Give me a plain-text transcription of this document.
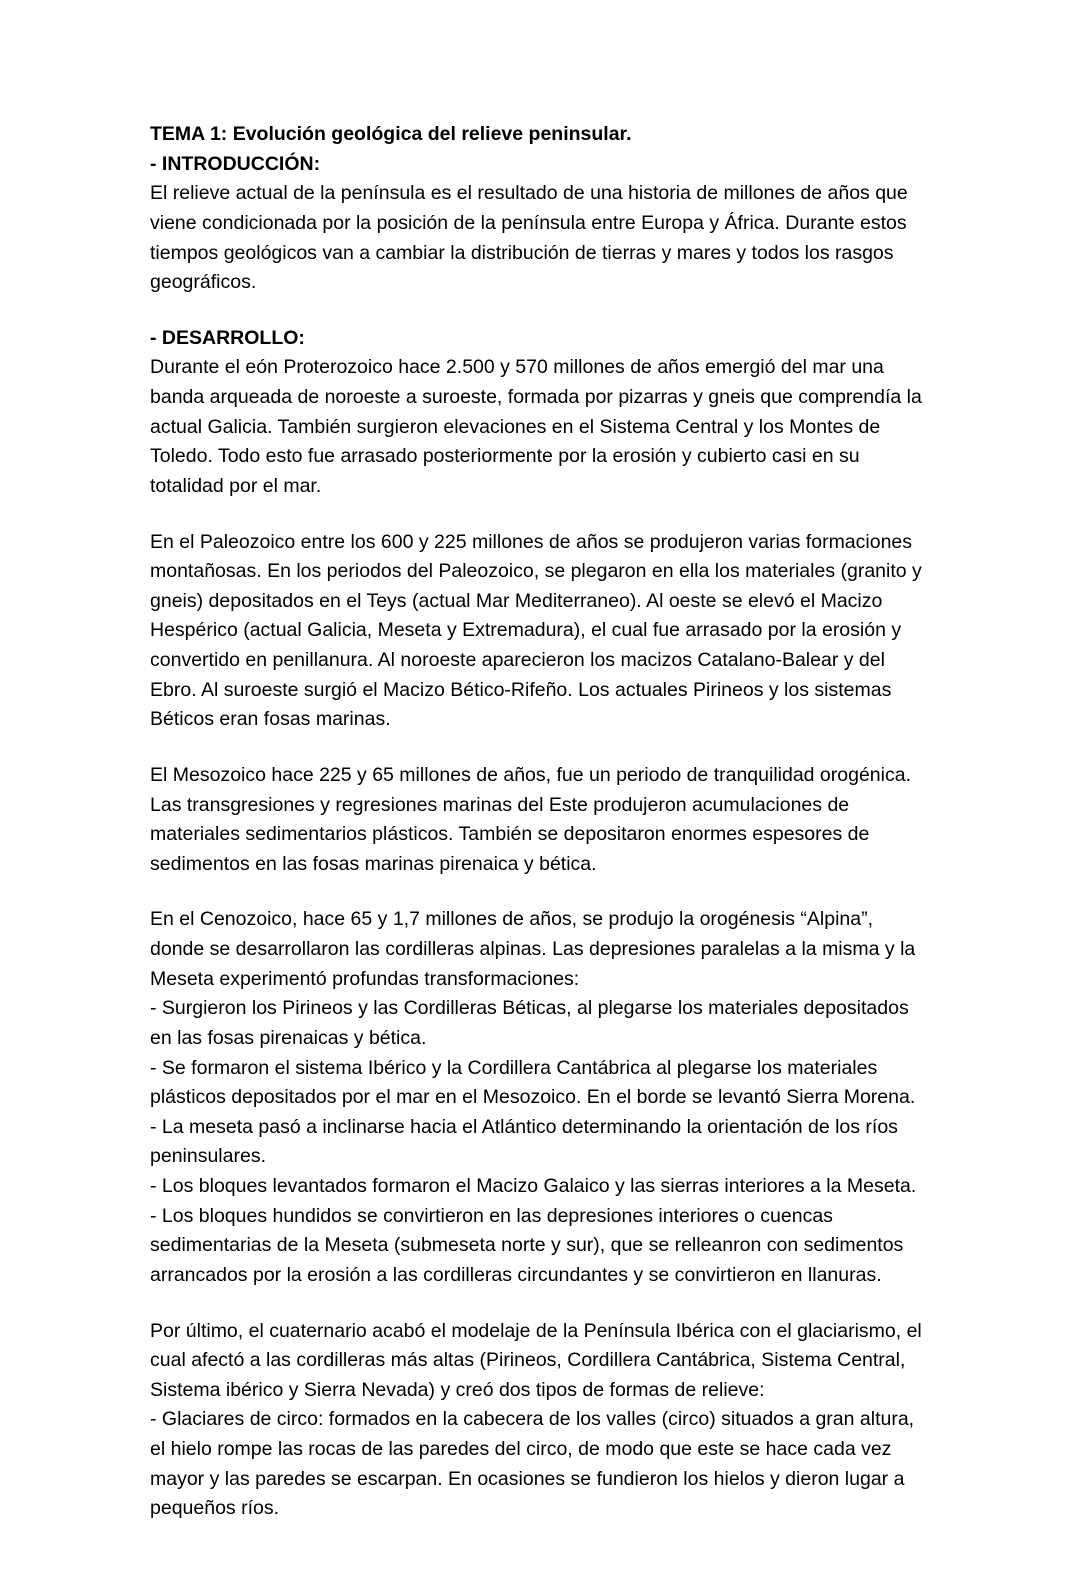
TEMA 1: Evolución geológica del relieve peninsular.
- INTRODUCCIÓN:

El relieve actual de la península es el resultado de una historia de millones de años que viene condicionada por la posición de la península entre Europa y África. Durante estos tiempos geológicos van a cambiar la distribución de tierras y mares y todos los rasgos geográficos.

- DESARROLLO:

Durante el eón Proterozoico hace 2.500 y 570 millones de años emergió del mar una banda arqueada de noroeste a suroeste, formada por pizarras y gneis que comprendía la actual Galicia. También surgieron elevaciones en el Sistema Central y los Montes de Toledo. Todo esto fue arrasado posteriormente por la erosión y cubierto casi en su totalidad por el mar.

En el Paleozoico entre los 600 y 225 millones de años se produjeron varias formaciones montañosas. En los periodos del Paleozoico, se plegaron en ella los materiales (granito y gneis) depositados en el Teys (actual Mar Mediterraneo). Al oeste se elevó el Macizo Hespérico (actual Galicia, Meseta y Extremadura), el cual fue arrasado por la erosión y convertido en penillanura. Al noroeste aparecieron los macizos Catalano-Balear y del Ebro. Al suroeste surgió el Macizo Bético-Rifeño. Los actuales Pirineos y los sistemas Béticos eran fosas marinas.

El Mesozoico hace 225 y 65 millones de años, fue un periodo de tranquilidad orogénica. Las transgresiones y regresiones marinas del Este produjeron acumulaciones de materiales sedimentarios plásticos. También se depositaron enormes espesores de sedimentos en las fosas marinas pirenaica y bética.

En el Cenozoico, hace 65 y 1,7 millones de años, se produjo la orogénesis “Alpina”, donde se desarrollaron las cordilleras alpinas. Las depresiones paralelas a la misma y la Meseta experimentó profundas transformaciones:
- Surgieron los Pirineos y las Cordilleras Béticas, al plegarse los materiales depositados en las fosas pirenaicas y bética.
- Se formaron el sistema Ibérico y la Cordillera Cantábrica al plegarse los materiales plásticos depositados por el mar en el Mesozoico. En el borde se levantó Sierra Morena.
- La meseta pasó a inclinarse hacia el Atlántico determinando la orientación de los ríos peninsulares.
- Los bloques levantados formaron el Macizo Galaico y las sierras interiores a la Meseta.
- Los bloques hundidos se convirtieron en las depresiones interiores o cuencas sedimentarias de la Meseta (submeseta norte y sur), que se relleanron con sedimentos arrancados por la erosión a las cordilleras circundantes y se convirtieron en llanuras.

Por último, el cuaternario acabó el modelaje de la Península Ibérica con el glaciarismo, el cual afectó a las cordilleras más altas (Pirineos, Cordillera Cantábrica, Sistema Central, Sistema ibérico y Sierra Nevada) y creó dos tipos de formas de relieve:
- Glaciares de circo: formados en la cabecera de los valles (circo) situados a gran altura, el hielo rompe las rocas de las paredes del circo, de modo que este se hace cada vez mayor y las paredes se escarpan. En ocasiones se fundieron los hielos y dieron lugar a pequeños ríos.
